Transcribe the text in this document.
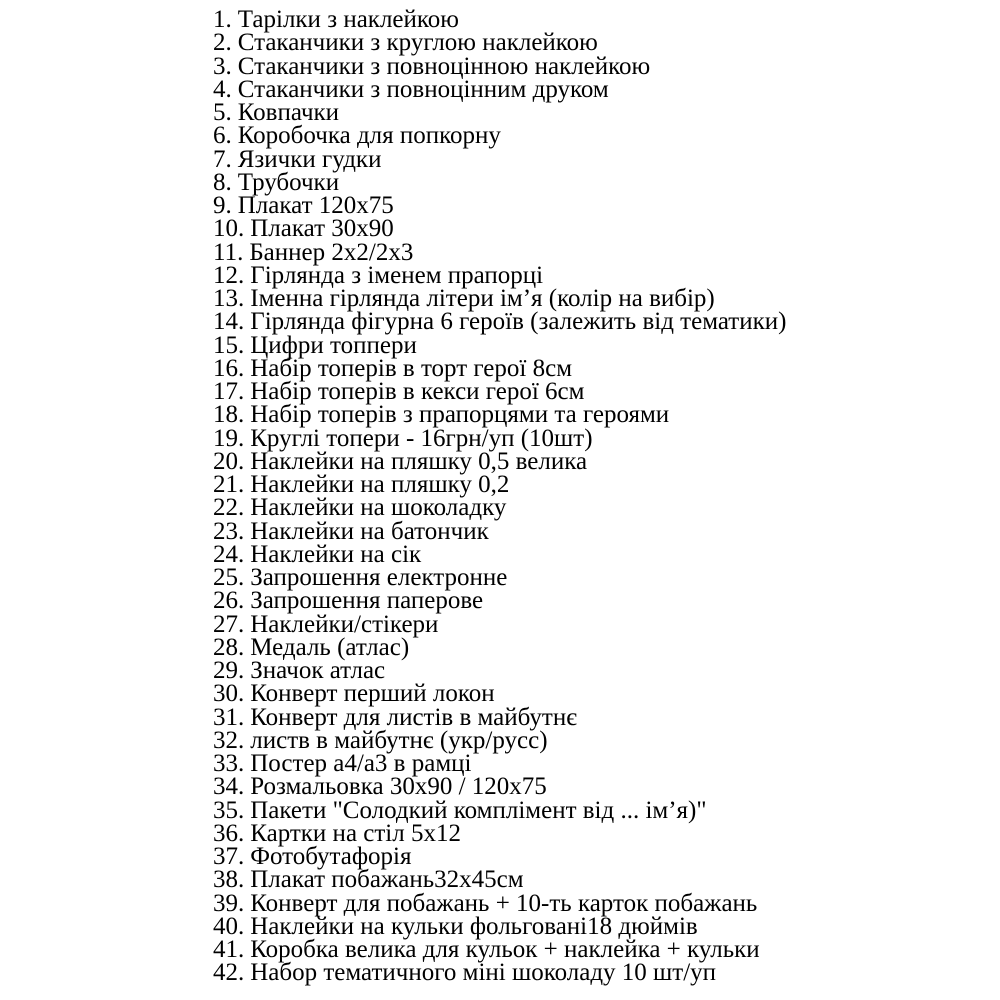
1. Тарілки з наклейкою
2. Стаканчики з круглою наклейкою
3. Стаканчики з повноцінною наклейкою
4. Стаканчики з повноцінним друком
5. Ковпачки
6. Коробочка для попкорну
7. Язички гудки
8. Трубочки
9. Плакат 120х75
10. Плакат 30х90
11. Баннер 2х2/2х3
12. Гірлянда з іменем прапорці
13. Іменна гірлянда літери ім’я (колір на вибір)
14. Гірлянда фігурна 6 героїв (залежить від тематики)
15. Цифри топпери
16. Набір топерів в торт герої 8см
17. Набір топерів в кекси герої 6см
18. Набір топерів з прапорцями та героями
19. Круглі топери - 16грн/уп (10шт)
20. Наклейки на пляшку 0,5 велика
21. Наклейки на пляшку 0,2
22. Наклейки на шоколадку
23. Наклейки на батончик
24. Наклейки на сік
25. Запрошення електронне
26. Запрошення паперове
27. Наклейки/стікери
28. Медаль (атлас)
29. Значок атлас
30. Конверт перший локон
31. Конверт для листів в майбутнє
32. листв в майбутнє (укр/русс)
33. Постер а4/а3 в рамці
34. Розмальовка 30х90 / 120х75
35. Пакети "Солодкий комплімент від ... ім’я)"
36. Картки на стіл 5х12
37. Фотобутафорія
38. Плакат побажань32х45см
39. Конверт для побажань + 10-ть карток побажань
40. Наклейки на кульки фольговані18 дюймів
41. Коробка велика для кульок + наклейка + кульки
42. Набор тематичного міні шоколаду 10 шт/уп
